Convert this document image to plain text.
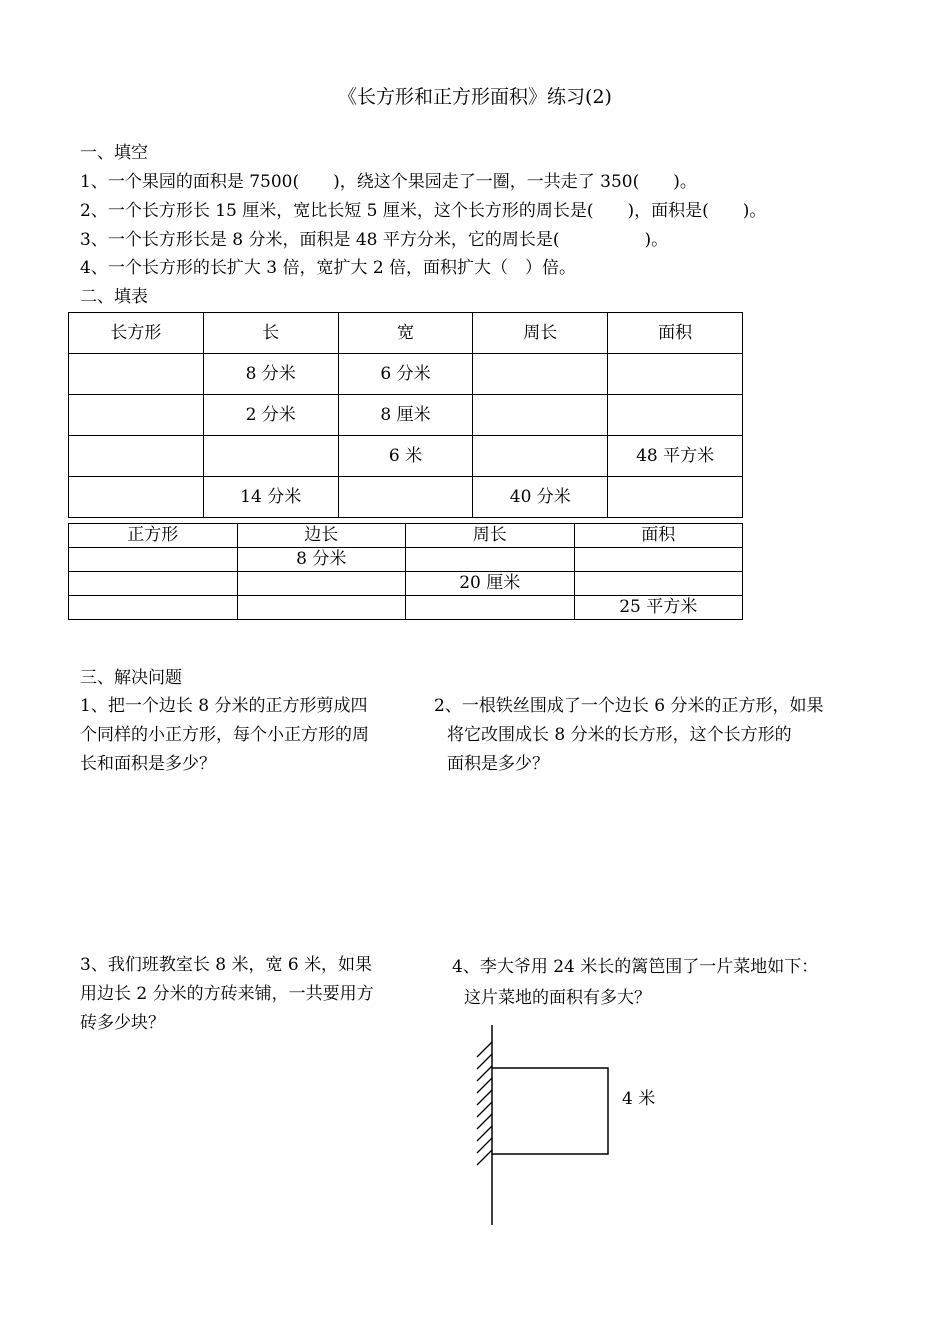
《长方形和正方形面积》练习(2)
一、填空
1、一个果园的面积是 7500(　　)，绕这个果园走了一圈，一共走了 350(　　)。
2、一个长方形长 15 厘米，宽比长短 5 厘米，这个长方形的周长是(　　)，面积是(　　)。
3、一个长方形长是 8 分米，面积是 48 平方分米，它的周长是(　　　　　)。
4、一个长方形的长扩大 3 倍，宽扩大 2 倍，面积扩大（　）倍。
二、填表
长方形	长	宽	周长	面积
	8 分米	6 分米		
	2 分米	8 厘米		
		6 米		48 平方米
	14 分米		40 分米	
正方形	边长	周长	面积
	8 分米		
		20 厘米	
			25 平方米
三、解决问题
1、把一个边长 8 分米的正方形剪成四
个同样的小正方形，每个小正方形的周
长和面积是多少？
2、一根铁丝围成了一个边长 6 分米的正方形，如果
将它改围成长 8 分米的长方形，这个长方形的
面积是多少？
3、我们班教室长 8 米，宽 6 米，如果
用边长 2 分米的方砖来铺，一共要用方
砖多少块？
4、李大爷用 24 米长的篱笆围了一片菜地如下：
这片菜地的面积有多大？
4 米
